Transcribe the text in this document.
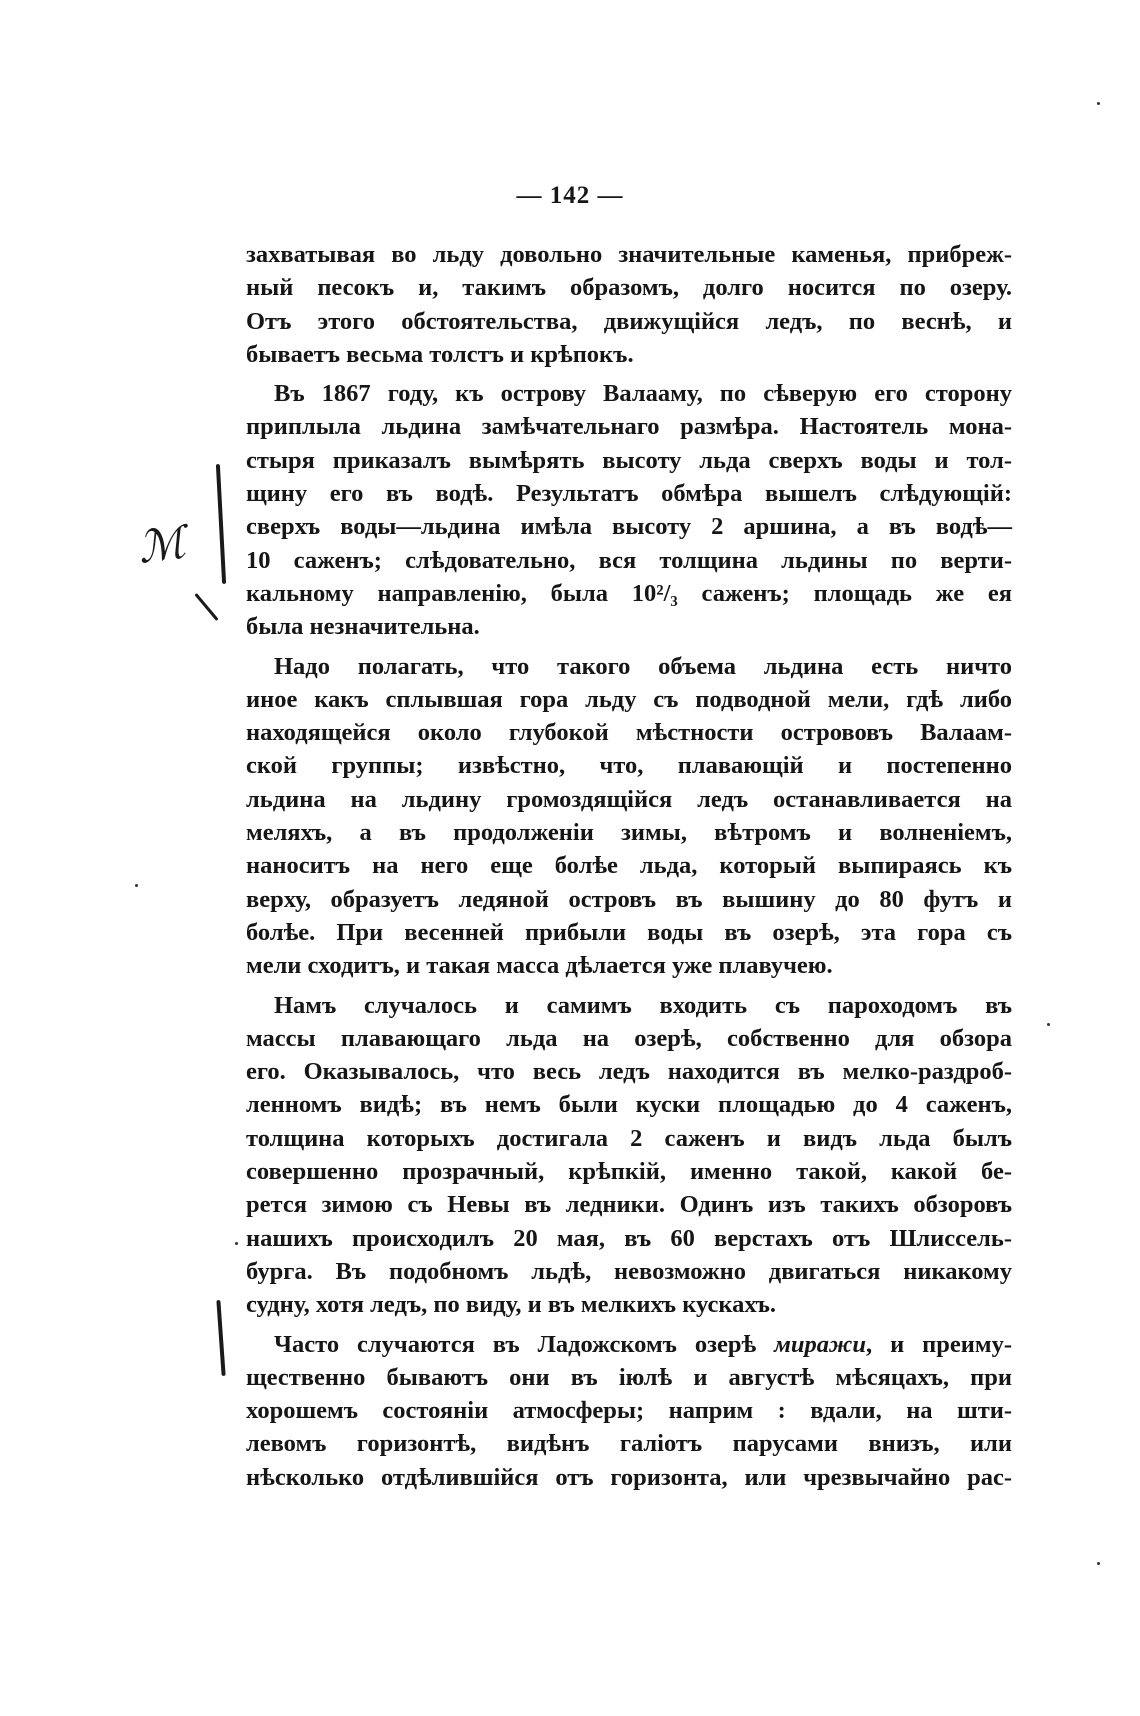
— 142 —
ℳ
захватывая во льду довольно значительные каменья, прибреж-
ный песокъ и, такимъ образомъ, долго носится по озеру.
Отъ этого обстоятельства, движущійся ледъ, по веснѣ, и
бываетъ весьма толстъ и крѣпокъ.
Въ 1867 году, къ острову Валааму, по сѣверую его сторону
приплыла льдина замѣчательнаго размѣра. Настоятель мона-
стыря приказалъ вымѣрять высоту льда сверхъ воды и тол-
щину его въ водѣ. Результатъ обмѣра вышелъ слѣдующій:
сверхъ воды—льдина имѣла высоту 2 аршина, а въ водѣ—
10 саженъ; слѣдовательно, вся толщина льдины по верти-
кальному направленію, была 10²/₃ саженъ; площадь же ея
была незначительна.
Надо полагать, что такого объема льдина есть ничто
иное какъ сплывшая гора льду съ подводной мели, гдѣ либо
находящейся около глубокой мѣстности острововъ Валаам-
ской группы; извѣстно, что, плавающій и постепенно
льдина на льдину громоздящійся ледъ останавливается на
меляхъ, а въ продолженіи зимы, вѣтромъ и волненіемъ,
наноситъ на него еще болѣе льда, который выпираясь къ
верху, образуетъ ледяной островъ въ вышину до 80 футъ и
болѣе. При весенней прибыли воды въ озерѣ, эта гора съ
мели сходитъ, и такая масса дѣлается уже плавучею.
Намъ случалось и самимъ входить съ пароходомъ въ
массы плавающаго льда на озерѣ, собственно для обзора
его. Оказывалось, что весь ледъ находится въ мелко-раздроб-
ленномъ видѣ; въ немъ были куски площадью до 4 саженъ,
толщина которыхъ достигала 2 саженъ и видъ льда былъ
совершенно прозрачный, крѣпкій, именно такой, какой бе-
рется зимою съ Невы въ ледники. Одинъ изъ такихъ обзоровъ
нашихъ происходилъ 20 мая, въ 60 верстахъ отъ Шлиссель-
бурга. Въ подобномъ льдѣ, невозможно двигаться никакому
судну, хотя ледъ, по виду, и въ мелкихъ кускахъ.
Часто случаются въ Ладожскомъ озерѣ миражи, и преиму-
щественно бываютъ они въ іюлѣ и августѣ мѣсяцахъ, при
хорошемъ состояніи атмосферы; наприм : вдали, на шти-
левомъ горизонтѣ, видѣнъ галіотъ парусами внизъ, или
нѣсколько отдѣлившійся отъ горизонта, или чрезвычайно рас-
